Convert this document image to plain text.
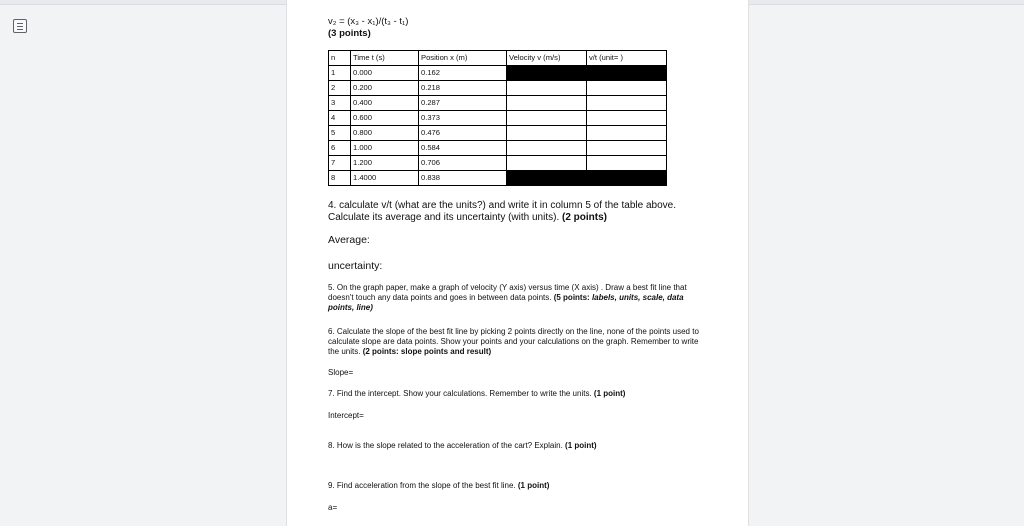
v₂ = (x₃ - x₁)/(t₃ - t₁)

(3 points)

n	Time t (s)	Position x (m)	Velocity v (m/s)	v/t (unit= )
1	0.000	0.162		
2	0.200	0.218		
3	0.400	0.287		
4	0.600	0.373		
5	0.800	0.476		
6	1.000	0.584		
7	1.200	0.706		
8	1.4000	0.838		

4. calculate v/t (what are the units?) and write it in column 5 of the table above. Calculate its average and its uncertainty (with units). (2 points)

Average:

uncertainty:

5. On the graph paper, make a graph of velocity (Y axis) versus time (X axis) . Draw a best fit line that doesn't touch any data points and goes in between data points. (5 points: labels, units, scale, data points, line)

6. Calculate the slope of the best fit line by picking 2 points directly on the line, none of the points used to calculate slope are data points. Show your points and your calculations on the graph. Remember to write the units. (2 points: slope points and result)

Slope=

7. Find the intercept. Show your calculations. Remember to write the units. (1 point)

Intercept=

8. How is the slope related to the acceleration of the cart? Explain. (1 point)

9. Find acceleration from the slope of the best fit line. (1 point)

a=
